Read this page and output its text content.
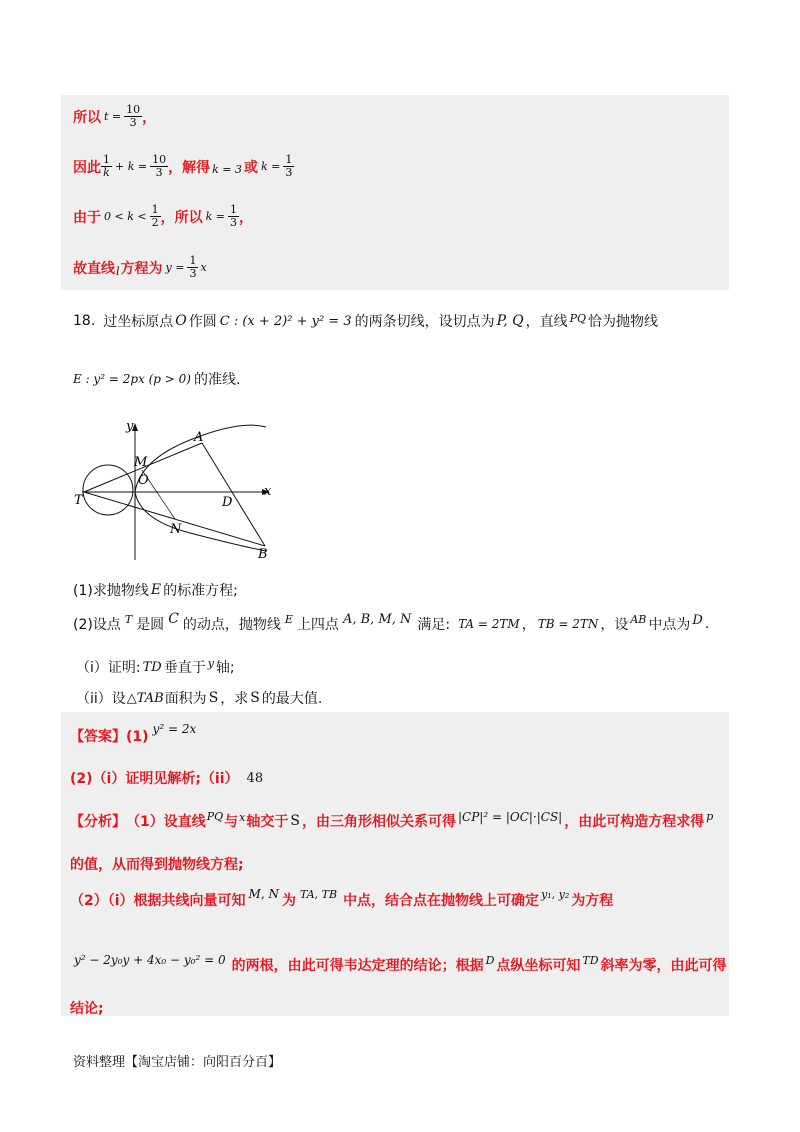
所以 $t = \frac{10}{3}$ ，
因此 $\frac{1}{k} + k = \frac{10}{3}$ ，解得 k = 3 或 $k = \frac{1}{3}$
由于 $0 < k < \frac{1}{2}$ ，所以 $k = \frac{1}{3}$ ，
故直线 l 方程为 $y = \frac{1}{3}$ x
18. 过坐标原点 O 作圆 C : (x + 2)² + y² = 3 的两条切线，设切点为 P, Q ，直线 PQ 恰为抛物线
E : y² = 2px (p > 0) 的准线.
y
x
A
M
O
T	D
N
B
(1)求抛物线 E 的标准方程;
(2)设点 T 是圆 C 的动点，抛物线 E 上四点 A, B, M, N 满足: TA = 2TM ， TB = 2TN ，设 AB 中点为 D .
（i）证明: TD 垂直于 y 轴;
（ii）设 △TAB 面积为 S ，求 S 的最大值.
【答案】(1) y² = 2x
(2)（i）证明见解析;（ii） 48
【分析】 （1）设直线 PQ 与 x 轴交于 S ，由三角形相似关系可得 |CP|² = |OC|·|CS| ，由此可构造方程求得 p
的值，从而得到抛物线方程;
（2）（i）根据共线向量可知 M, N 为 TA, TB 中点，结合点在抛物线上可确定 y₁, y₂ 为方程
y² − 2y₀y + 4x₀ − y₀² = 0 的两根，由此可得韦达定理的结论；根据 D 点纵坐标可知 TD 斜率为零，由此可得
结论;
资料整理【淘宝店铺：向阳百分百】
